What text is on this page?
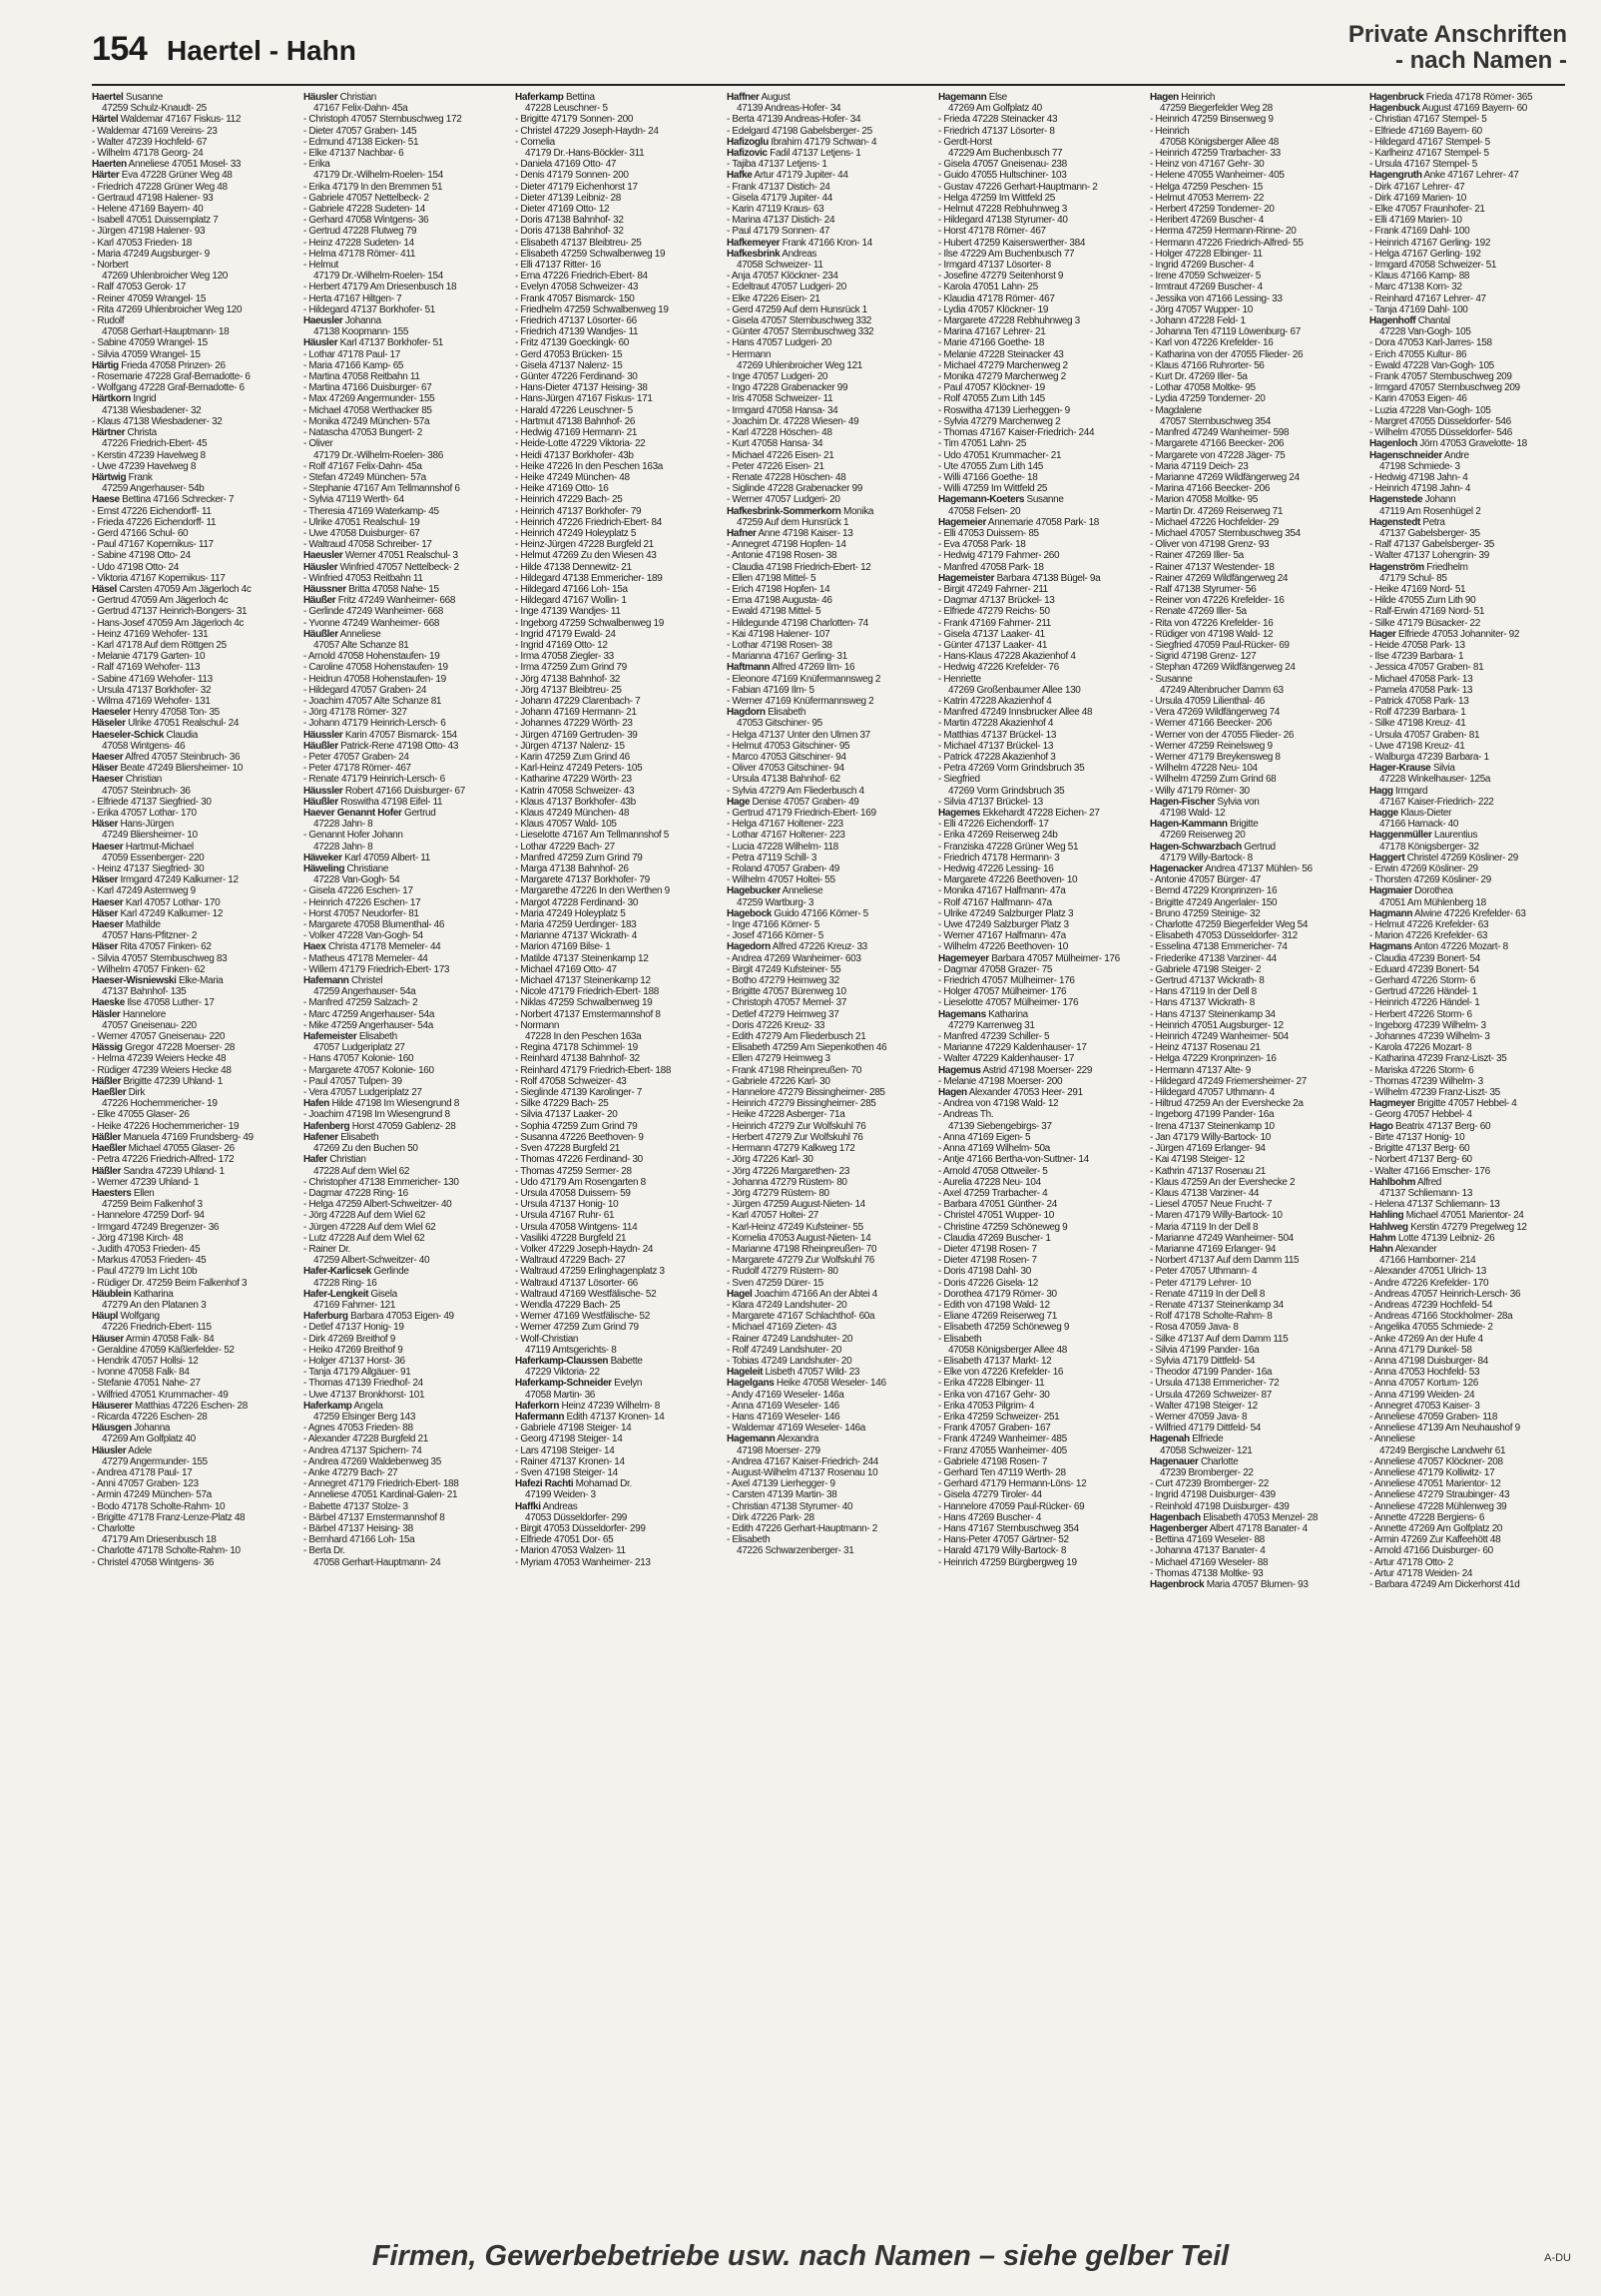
154 Haertel - Hahn
Private Anschriften
- nach Namen -
Haertel Susanne
47259 Schulz-Knaudt- 25
Härtel Waldemar 47167 Fiskus- 112
- Waldemar 47169 Vereins- 23
- Walter 47239 Hochfeld- 67
- Wilhelm 47178 Georg- 24
Haerten Anneliese 47051 Mosel- 33
Härter Eva 47228 Grüner Weg 48
- Friedrich 47228 Grüner Weg 48
- Gertraud 47198 Halener- 93
- Helene 47169 Bayern- 40
- Isabell 47051 Duissernplatz 7
- Jürgen 47198 Halener- 93
- Karl 47053 Frieden- 18
- Maria 47249 Augsburger- 9
- Norbert
47269 Uhlenbroicher Weg 120
- Ralf 47053 Gerok- 17
- Reiner 47059 Wrangel- 15
- Rita 47269 Uhlenbroicher Weg 120
- Rudolf
47058 Gerhart-Hauptmann- 18
- Sabine 47059 Wrangel- 15
- Silvia 47059 Wrangel- 15
Härtig Frieda 47058 Prinzen- 26
- Rosemarie 47228 Graf-Bernadotte- 6
- Wolfgang 47228 Graf-Bernadotte- 6
Härtkorn Ingrid
47138 Wiesbadener- 32
- Klaus 47138 Wiesbadener- 32
Härtner Christa
47226 Friedrich-Ebert- 45
- Kerstin 47239 Havelweg 8
- Uwe 47239 Havelweg 8
Härtwig Frank
47259 Angerhauser- 54b
Haese Bettina 47166 Schrecker- 7
- Ernst 47226 Eichendorff- 11
- Frieda 47226 Eichendorff- 11
- Gerd 47166 Schul- 60
- Paul 47167 Kopernikus- 117
- Sabine 47198 Otto- 24
- Udo 47198 Otto- 24
- Viktoria 47167 Kopernikus- 117
Häsel Carsten 47059 Am Jägerloch 4c
- Gertrud 47059 Am Jägerloch 4c
- Gertrud 47137 Heinrich-Bongers- 31
- Hans-Josef 47059 Am Jägerloch 4c
- Heinz 47169 Wehofer- 131
- Karl 47178 Auf dem Röttgen 25
- Melanie 47179 Garten- 10
- Ralf 47169 Wehofer- 113
- Sabine 47169 Wehofer- 113
- Ursula 47137 Borkhofer- 32
- Wilma 47169 Wehofer- 131
Haeseler Henry 47058 Ton- 35
Häseler Ulrike 47051 Realschul- 24
Haeseler-Schick Claudia
47058 Wintgens- 46
Haeser Alfred 47057 Steinbruch- 36
Häser Beate 47249 Bliersheimer- 10
Haeser Christian
47057 Steinbruch- 36
- Elfriede 47137 Siegfried- 30
- Erika 47057 Lothar- 170
Häser Hans-Jürgen
47249 Bliersheimer- 10
Haeser Hartmut-Michael
47059 Essenberger- 220
- Heinz 47137 Siegfried- 30
Häser Irmgard 47249 Kalkumer- 12
- Karl 47249 Asternweg 9
Haeser Karl 47057 Lothar- 170
Häser Karl 47249 Kalkumer- 12
Haeser Mathilde
47057 Hans-Pfitzner- 2
Häser Rita 47057 Finken- 62
- Silvia 47057 Sternbuschweg 83
- Wilhelm 47057 Finken- 62
Haeser-Wisniewski Elke-Maria
47137 Bahnhof- 135
Haeske Ilse 47058 Luther- 17
Häsler Hannelore
47057 Gneisenau- 220
- Werner 47057 Gneisenau- 220
Hässig Gregor 47228 Moerser- 28
- Helma 47239 Weiers Hecke 48
- Rüdiger 47239 Weiers Hecke 48
Häßler Brigitte 47239 Uhland- 1
Haeßler Dirk
47226 Hochemmericher- 19
- Elke 47055 Glaser- 26
- Heike 47226 Hochemmericher- 19
Häßler Manuela 47169 Frundsberg- 49
Haeßler Michael 47055 Glaser- 26
- Petra 47226 Friedrich-Alfred- 172
Häßler Sandra 47239 Uhland- 1
- Werner 47239 Uhland- 1
Haesters Ellen
47259 Beim Falkenhof 3
- Hannelore 47259 Dorf- 94
- Irmgard 47249 Bregenzer- 36
- Jörg 47198 Kirch- 48
- Judith 47053 Frieden- 45
- Markus 47053 Frieden- 45
- Paul 47279 Im Licht 10b
- Rüdiger Dr. 47259 Beim Falkenhof 3
Häublein Katharina
47279 An den Platanen 3
Häupl Wolfgang
47226 Friedrich-Ebert- 115
Häuser Armin 47058 Falk- 84
- Geraldine 47059 Käßlerfelder- 52
- Hendrik 47057 Hollsi- 12
- Ivonne 47058 Falk- 84
- Stefanie 47051 Nahe- 27
- Wilfried 47051 Krummacher- 49
Häuserer Matthias 47226 Eschen- 28
- Ricarda 47226 Eschen- 28
Häusgen Johanna
47269 Am Golfplatz 40
Häusler Adele
47279 Angermunder- 155
- Andrea 47178 Paul- 17
- Anni 47057 Graben- 123
- Armin 47249 München- 57a
- Bodo 47178 Scholte-Rahm- 10
- Brigitte 47178 Franz-Lenze-Platz 48
- Charlotte
47179 Am Driesenbusch 18
- Charlotte 47178 Scholte-Rahm- 10
- Christel 47058 Wintgens- 36
Häusler Christian
47167 Felix-Dahn- 45a
- Christoph 47057 Sternbuschweg 172
- Dieter 47057 Graben- 145
- Edmund 47138 Eicken- 51
- Elke 47137 Nachbar- 6
- Erika
47179 Dr.-Wilhelm-Roelen- 154
- Erika 47179 In den Bremmen 51
- Gabriele 47057 Nettelbeck- 2
- Gabriele 47228 Sudeten- 14
- Gerhard 47058 Wintgens- 36
- Gertrud 47228 Flutweg 79
- Heinz 47228 Sudeten- 14
- Helma 47178 Römer- 411
- Helmut
47179 Dr.-Wilhelm-Roelen- 154
- Herbert 47179 Am Driesenbusch 18
- Herta 47167 Hiltgen- 7
- Hildegard 47137 Borkhofer- 51
Haeusler Johanna
47138 Koopmann- 155
Häusler Karl 47137 Borkhofer- 51
- Lothar 47178 Paul- 17
- Maria 47166 Kamp- 65
- Martina 47058 Reitbahn 11
- Martina 47166 Duisburger- 67
- Max 47269 Angermunder- 155
- Michael 47058 Werthacker 85
- Monika 47249 München- 57a
- Natascha 47053 Bungert- 2
- Oliver
47179 Dr.-Wilhelm-Roelen- 386
- Rolf 47167 Felix-Dahn- 45a
- Stefan 47249 München- 57a
- Stephanie 47167 Am Tellmannshof 6
- Sylvia 47119 Werth- 64
- Theresia 47169 Waterkamp- 45
- Ulrike 47051 Realschul- 19
- Uwe 47058 Duisburger- 67
- Waltraud 47058 Schreiber- 17
Haeusler Werner 47051 Realschul- 3
Häusler Winfried 47057 Nettelbeck- 2
- Winfried 47053 Reitbahn 11
Häussner Britta 47058 Nahe- 15
Häußer Fritz 47249 Wanheimer- 668
- Gerlinde 47249 Wanheimer- 668
- Yvonne 47249 Wanheimer- 668
Häußler Anneliese
47057 Alte Schanze 81
- Arnold 47058 Hohenstaufen- 19
- Caroline 47058 Hohenstaufen- 19
- Heidrun 47058 Hohenstaufen- 19
- Hildegard 47057 Graben- 24
- Joachim 47057 Alte Schanze 81
- Jörg 47178 Römer- 327
- Johann 47179 Heinrich-Lersch- 6
Häussler Karin 47057 Bismarck- 154
Häußler Patrick-Rene 47198 Otto- 43
- Peter 47057 Graben- 24
- Peter 47178 Römer- 467
- Renate 47179 Heinrich-Lersch- 6
Häussler Robert 47166 Duisburger- 67
Häußler Roswitha 47198 Eifel- 11
Haever Genannt Hofer Gertrud
47228 Jahn- 8
- Genannt Hofer Johann
47228 Jahn- 8
Häweker Karl 47059 Albert- 11
Häweling Christiane
47228 Van-Gogh- 54
- Gisela 47226 Eschen- 17
- Heinrich 47226 Eschen- 17
- Horst 47057 Neudorfer- 81
- Margarete 47058 Blumenthal- 46
- Volker 47228 Van-Gogh- 54
Haex Christa 47178 Memeler- 44
- Matheus 47178 Memeler- 44
- Willem 47179 Friedrich-Ebert- 173
Hafemann Christel
47259 Angerhauser- 54a
- Manfred 47259 Salzach- 2
- Marc 47259 Angerhauser- 54a
- Mike 47259 Angerhauser- 54a
Hafemeister Elisabeth
47057 Ludgeriplatz 27
- Hans 47057 Kolonie- 160
- Margarete 47057 Kolonie- 160
- Paul 47057 Tulpen- 39
- Vera 47057 Ludgeriplatz 27
Hafen Hilde 47198 Im Wiesengrund 8
- Joachim 47198 Im Wiesengrund 8
Hafenberg Horst 47059 Gablenz- 28
Hafener Elisabeth
47269 Zu den Buchen 50
Hafer Christian
47228 Auf dem Wiel 62
- Christopher 47138 Emmericher- 130
- Dagmar 47228 Ring- 16
- Helga 47259 Albert-Schweitzer- 40
- Jörg 47228 Auf dem Wiel 62
- Jürgen 47228 Auf dem Wiel 62
- Lutz 47228 Auf dem Wiel 62
- Rainer Dr.
47259 Albert-Schweitzer- 40
Hafer-Karlicsek Gerlinde
47228 Ring- 16
Hafer-Lengkeit Gisela
47169 Fahrner- 121
Haferburg Barbara 47053 Eigen- 49
- Detlef 47137 Honig- 19
- Dirk 47269 Breithof 9
- Heiko 47269 Breithof 9
- Holger 47137 Horst- 36
- Tanja 47179 Allgäuer- 91
- Thomas 47139 Friedhof- 24
- Uwe 47137 Bronkhorst- 101
Haferkamp Angela
47259 Elsinger Berg 143
- Agnes 47053 Frieden- 88
- Alexander 47228 Burgfeld 21
- Andrea 47137 Spichern- 74
- Andrea 47269 Waldebenweg 35
- Anke 47279 Bach- 27
- Annegret 47179 Friedrich-Ebert- 188
- Anneliese 47051 Kardinal-Galen- 21
- Babette 47137 Stolze- 3
- Bärbel 47137 Emstermannshof 8
- Bärbel 47137 Heising- 38
- Bernhard 47166 Loh- 15a
- Berta Dr.
47058 Gerhart-Hauptmann- 24
Haferkamp Bettina
47228 Leuschner- 5
- Brigitte 47179 Sonnen- 200
- Christel 47229 Joseph-Haydn- 24
- Cornelia
47179 Dr.-Hans-Böckler- 311
- Daniela 47169 Otto- 47
- Denis 47179 Sonnen- 200
- Dieter 47179 Eichenhorst 17
- Dieter 47139 Leibniz- 28
- Dieter 47169 Otto- 12
- Doris 47138 Bahnhof- 32
- Doris 47138 Bahnhof- 32
- Elisabeth 47137 Bleibtreu- 25
- Elisabeth 47259 Schwalbenweg 19
- Elli 47137 Ritter- 16
- Erna 47226 Friedrich-Ebert- 84
- Evelyn 47058 Schweizer- 43
- Frank 47057 Bismarck- 150
- Friedhelm 47259 Schwalbenweg 19
- Friedrich 47137 Lösorter- 66
- Friedrich 47139 Wandjes- 11
- Fritz 47139 Goeckingk- 60
- Gerd 47053 Brücken- 15
- Gisela 47137 Nalenz- 15
- Günter 47226 Ferdinand- 30
- Hans-Dieter 47137 Heising- 38
- Hans-Jürgen 47167 Fiskus- 171
- Harald 47226 Leuschner- 5
- Hartmut 47138 Bahnhof- 26
- Hedwig 47169 Hermann- 21
- Heide-Lotte 47229 Viktoria- 22
- Heidi 47137 Borkhofer- 43b
- Heike 47226 In den Peschen 163a
- Heike 47249 München- 48
- Heike 47169 Otto- 16
- Heinrich 47229 Bach- 25
- Heinrich 47137 Borkhofer- 79
- Heinrich 47226 Friedrich-Ebert- 84
- Heinrich 47249 Holeyplatz 5
- Heinz-Jürgen 47228 Burgfeld 21
- Helmut 47269 Zu den Wiesen 43
- Hilde 47138 Dennewitz- 21
- Hildegard 47138 Emmericher- 189
- Hildegard 47166 Loh- 15a
- Hildegard 47167 Wollin- 1
- Inge 47139 Wandjes- 11
- Ingeborg 47259 Schwalbenweg 19
- Ingrid 47179 Ewald- 24
- Ingrid 47169 Otto- 12
- Irma 47058 Ziegler- 33
- Irma 47259 Zum Grind 79
- Jörg 47138 Bahnhof- 32
- Jörg 47137 Bleibtreu- 25
- Johann 47229 Clarenbach- 7
- Johann 47169 Hermann- 21
- Johannes 47229 Wörth- 23
- Jürgen 47169 Gertruden- 39
- Jürgen 47137 Nalenz- 15
- Karin 47259 Zum Grind 46
- Karl-Heinz 47249 Peters- 105
- Katharine 47229 Wörth- 23
- Katrin 47058 Schweizer- 43
- Klaus 47137 Borkhofer- 43b
- Klaus 47249 München- 48
- Klaus 47057 Wald- 105
- Lieselotte 47167 Am Tellmannshof 5
- Lothar 47229 Bach- 27
- Manfred 47259 Zum Grind 79
- Marga 47138 Bahnhof- 26
- Margarete 47137 Borkhofer- 79
- Margarethe 47226 In den Werthen 9
- Margot 47228 Ferdinand- 30
- Maria 47249 Holeyplatz 5
- Maria 47259 Uerdinger- 183
- Marianne 47137 Wickrath- 4
- Marion 47169 Bilse- 1
- Matilde 47137 Steinenkamp 12
- Michael 47169 Otto- 47
- Michael 47137 Steinenkamp 12
- Nicole 47179 Friedrich-Ebert- 188
- Niklas 47259 Schwalbenweg 19
- Norbert 47137 Emstermannshof 8
- Normann
47228 In den Peschen 163a
- Regina 47178 Schimmel- 19
- Reinhard 47138 Bahnhof- 32
- Reinhard 47179 Friedrich-Ebert- 188
- Rolf 47058 Schweizer- 43
- Sieglinde 47139 Karolinger- 7
- Silke 47229 Bach- 25
- Silvia 47137 Laaker- 20
- Sophia 47259 Zum Grind 79
- Susanna 47226 Beethoven- 9
- Sven 47228 Burgfeld 21
- Thomas 47226 Ferdinand- 30
- Thomas 47259 Sermer- 28
- Udo 47179 Am Rosengarten 8
- Ursula 47058 Duissern- 59
- Ursula 47137 Honig- 10
- Ursula 47167 Ruhr- 61
- Ursula 47058 Wintgens- 114
- Vasiliki 47228 Burgfeld 21
- Volker 47229 Joseph-Haydn- 24
- Waltraud 47229 Bach- 27
- Waltraud 47259 Erlinghagenplatz 3
- Waltraud 47137 Lösorter- 66
- Waltraud 47169 Westfälische- 52
- Wendla 47229 Bach- 25
- Werner 47169 Westfälische- 52
- Werner 47259 Zum Grind 79
- Wolf-Christian
47119 Amtsgerichts- 8
Haferkamp-Claussen Babette
47229 Viktoria- 22
Haferkamp-Schneider Evelyn
47058 Martin- 36
Haferkorn Heinz 47239 Wilhelm- 8
Hafermann Edith 47137 Kronen- 14
- Gabriele 47198 Steiger- 14
- Georg 47198 Steiger- 14
- Lars 47198 Steiger- 14
- Rainer 47137 Kronen- 14
- Sven 47198 Steiger- 14
Hafezi Rachti Mohamad Dr.
47199 Weiden- 3
Haffki Andreas
47053 Düsseldorfer- 299
- Birgit 47053 Düsseldorfer- 299
- Elfriede 47051 Dor- 65
- Marion 47053 Walzen- 11
- Myriam 47053 Wanheimer- 213
Haffner August
47139 Andreas-Hofer- 34
- Berta 47139 Andreas-Hofer- 34
- Edelgard 47198 Gabelsberger- 25
Hafizoglu Ibrahim 47179 Schwan- 4
Hafizovic Fadil 47137 Letjens- 1
- Tajiba 47137 Letjens- 1
Hafke Artur 47179 Jupiter- 44
- Frank 47137 Distich- 24
- Gisela 47179 Jupiter- 44
- Karin 47119 Kraus- 63
- Marina 47137 Distich- 24
- Paul 47179 Sonnen- 47
Hafkemeyer Frank 47166 Kron- 14
Hafkesbrink Andreas
47058 Schweizer- 11
- Anja 47057 Klöckner- 234
- Edeltraut 47057 Ludgeri- 20
- Elke 47226 Eisen- 21
- Gerd 47259 Auf dem Hunsrück 1
- Gisela 47057 Sternbuschweg 332
- Günter 47057 Sternbuschweg 332
- Hans 47057 Ludgeri- 20
- Hermann
47269 Uhlenbroicher Weg 121
- Inge 47057 Ludgeri- 20
- Ingo 47228 Grabenacker 99
- Iris 47058 Schweizer- 11
- Irmgard 47058 Hansa- 34
- Joachim Dr. 47228 Wiesen- 49
- Karl 47228 Höschen- 48
- Kurt 47058 Hansa- 34
- Michael 47226 Eisen- 21
- Peter 47226 Eisen- 21
- Renate 47228 Höschen- 48
- Siglinde 47228 Grabenacker 99
- Werner 47057 Ludgeri- 20
Hafkesbrink-Sommerkorn Monika
47259 Auf dem Hunsrück 1
Hafner Anne 47198 Kaiser- 13
- Annegret 47198 Hopfen- 14
- Antonie 47198 Rosen- 38
- Claudia 47198 Friedrich-Ebert- 12
- Ellen 47198 Mittel- 5
- Erich 47198 Hopfen- 14
- Erna 47198 Augusta- 46
- Ewald 47198 Mittel- 5
- Hildegunde 47198 Charlotten- 74
- Kai 47198 Halener- 107
- Lothar 47198 Rosen- 38
- Marianna 47167 Gerling- 31
Haftmann Alfred 47269 Ilm- 16
- Eleonore 47169 Knüfermannsweg 2
- Fabian 47169 Ilm- 5
- Werner 47169 Knüfermannsweg 2
Hagdorn Elisabeth
47053 Gitschiner- 95
- Helga 47137 Unter den Ulmen 37
- Helmut 47053 Gitschiner- 95
- Marco 47053 Gitschiner- 94
- Oliver 47053 Gitschiner- 94
- Ursula 47138 Bahnhof- 62
- Sylvia 47279 Am Fliederbusch 4
Hage Denise 47057 Graben- 49
- Gertrud 47179 Friedrich-Ebert- 169
- Helga 47167 Holtener- 223
- Lothar 47167 Holtener- 223
- Lucia 47228 Wilhelm- 118
- Petra 47119 Schill- 3
- Roland 47057 Graben- 49
- Wilhelm 47057 Holtei- 55
Hagebucker Anneliese
47259 Wartburg- 3
Hagebock Guido 47166 Körner- 5
- Inge 47166 Körner- 5
- Josef 47166 Körner- 5
Hagedorn Alfred 47226 Kreuz- 33
- Andrea 47269 Wanheimer- 603
- Birgit 47249 Kufsteiner- 55
- Botho 47279 Heimweg 32
- Brigitte 47057 Bürenweg 10
- Christoph 47057 Memel- 37
- Detlef 47279 Heimweg 37
- Doris 47226 Kreuz- 33
- Edith 47279 Am Fliederbusch 21
- Elisabeth 47259 Am Siepenkothen 46
- Ellen 47279 Heimweg 3
- Frank 47198 Rheinpreußen- 70
- Gabriele 47226 Karl- 30
- Hannelore 47279 Bissingheimer- 285
- Heinrich 47279 Bissingheimer- 285
- Heike 47228 Asberger- 71a
- Heinrich 47279 Zur Wolfskuhl 76
- Herbert 47279 Zur Wolfskuhl 76
- Hermann 47279 Kalkweg 172
- Jörg 47226 Karl- 30
- Jörg 47226 Margarethen- 23
- Johanna 47279 Rüstern- 80
- Jörg 47279 Rüstern- 80
- Jürgen 47259 August-Nieten- 14
- Karl 47057 Holtei- 27
- Karl-Heinz 47249 Kufsteiner- 55
- Kornelia 47053 August-Nieten- 14
- Marianne 47198 Rheinpreußen- 70
- Margarete 47279 Zur Wolfskuhl 76
- Rudolf 47279 Rüstern- 80
- Sven 47259 Dürer- 15
Hagel Joachim 47166 An der Abtei 4
- Klara 47249 Landshuter- 20
- Margarete 47167 Schlachthof- 60a
- Michael 47169 Zieten- 43
- Rainer 47249 Landshuter- 20
- Rolf 47249 Landshuter- 20
- Tobias 47249 Landshuter- 20
Hageleit Lisbeth 47057 Wild- 23
Hagelgans Heike 47058 Weseler- 146
- Andy 47169 Weseler- 146a
- Anna 47169 Weseler- 146
- Hans 47169 Weseler- 146
- Waldemar 47169 Weseler- 146a
Hagemann Alexandra
47198 Moerser- 279
- Andrea 47167 Kaiser-Friedrich- 244
- August-Wilhelm 47137 Rosenau 10
- Axel 47139 Lierhegger- 9
- Carsten 47139 Martin- 38
- Christian 47138 Styrumer- 40
- Dirk 47226 Park- 28
- Edith 47226 Gerhart-Hauptmann- 2
- Elisabeth
47226 Schwarzenberger- 31
Hagemann Else
47269 Am Golfplatz 40
- Frieda 47228 Steinacker 43
- Friedrich 47137 Lösorter- 8
- Gerdt-Horst
47229 Am Buchenbusch 77
- Gisela 47057 Gneisenau- 238
- Guido 47055 Hultschiner- 103
- Gustav 47226 Gerhart-Hauptmann- 2
- Helga 47259 Im Wittfeld 25
- Helmut 47228 Rebhuhnweg 3
- Hildegard 47138 Styrumer- 40
- Horst 47178 Römer- 467
- Hubert 47259 Kaiserswerther- 384
- Ilse 47229 Am Buchenbusch 77
- Irmgard 47137 Lösorter- 8
- Josefine 47279 Seitenhorst 9
- Karola 47051 Lahn- 25
- Klaudia 47178 Römer- 467
- Lydia 47057 Klöckner- 19
- Margarete 47228 Rebhuhnweg 3
- Marina 47167 Lehrer- 21
- Marie 47166 Goethe- 18
- Melanie 47228 Steinacker 43
- Michael 47279 Marchenweg 2
- Monika 47279 Marchenweg 2
- Paul 47057 Klöckner- 19
- Rolf 47055 Zum Lith 145
- Roswitha 47139 Lierheggen- 9
- Sylvia 47279 Marchenweg 2
- Thomas 47167 Kaiser-Friedrich- 244
- Tim 47051 Lahn- 25
- Udo 47051 Krummacher- 21
- Ute 47055 Zum Lith 145
- Willi 47166 Goethe- 18
- Willi 47259 Im Wittfeld 25
Hagemann-Koeters Susanne
47058 Felsen- 20
Hagemeier Annemarie 47058 Park- 18
- Elli 47053 Duissern- 85
- Eva 47058 Park- 18
- Hedwig 47179 Fahrner- 260
- Manfred 47058 Park- 18
Hagemeister Barbara 47138 Bügel- 9a
- Birgit 47249 Fahrner- 211
- Dagmar 47137 Brückel- 13
- Elfriede 47279 Reichs- 50
- Frank 47169 Fahrner- 211
- Gisela 47137 Laaker- 41
- Günter 47137 Laaker- 41
- Hans-Klaus 47228 Akazienhof 4
- Hedwig 47226 Krefelder- 76
- Henriette
47269 Großenbaumer Allee 130
- Katrin 47228 Akazienhof 4
- Manfred 47249 Innsbrucker Allee 48
- Martin 47228 Akazienhof 4
- Matthias 47137 Brückel- 13
- Michael 47137 Brückel- 13
- Patrick 47228 Akazienhof 3
- Petra 47269 Vorm Grindsbruch 35
- Siegfried
47269 Vorm Grindsbruch 35
- Silvia 47137 Brückel- 13
Hagemes Ekkehardt 47228 Eichen- 27
- Elli 47226 Eichendorff- 17
- Erika 47269 Reiserweg 24b
- Franziska 47228 Grüner Weg 51
- Friedrich 47178 Hermann- 3
- Hedwig 47226 Lessing- 16
- Margarete 47226 Beethoven- 10
- Monika 47167 Halfmann- 47a
- Rolf 47167 Halfmann- 47a
- Ulrike 47249 Salzburger Platz 3
- Uwe 47249 Salzburger Platz 3
- Werner 47167 Halfmann- 47a
- Wilhelm 47226 Beethoven- 10
Hagemeyer Barbara 47057 Mülheimer- 176
- Dagmar 47058 Grazer- 75
- Friedrich 47057 Mülheimer- 176
- Holger 47057 Mülheimer- 176
- Lieselotte 47057 Mülheimer- 176
Hagemans Katharina
47279 Karrenweg 31
- Manfred 47239 Schiller- 5
- Marianne 47229 Kaldenhauser- 17
- Walter 47229 Kaldenhauser- 17
Hagemus Astrid 47198 Moerser- 229
- Melanie 47198 Moerser- 200
Hagen Alexander 47053 Heer- 291
- Andrea von 47198 Wald- 12
- Andreas Th.
47139 Siebengebirgs- 37
- Anna 47169 Eigen- 5
- Anna 47169 Wilhelm- 50a
- Antje 47166 Bertha-von-Suttner- 14
- Arnold 47058 Ottweiler- 5
- Aurelia 47228 Neu- 104
- Axel 47259 Trarbacher- 4
- Barbara 47051 Günther- 24
- Christel 47051 Wupper- 10
- Christine 47259 Schöneweg 9
- Claudia 47269 Buscher- 1
- Dieter 47198 Rosen- 7
- Dieter 47198 Rosen- 7
- Doris 47198 Dahl- 30
- Doris 47226 Gisela- 12
- Dorothea 47179 Römer- 30
- Edith von 47198 Wald- 12
- Eliane 47269 Reiserweg 71
- Elisabeth 47259 Schöneweg 9
- Elisabeth
47058 Königsberger Allee 48
- Elisabeth 47137 Markt- 12
- Elke von 47226 Krefelder- 16
- Erika 47228 Elbinger- 11
- Erika von 47167 Gehr- 30
- Erika 47053 Pilgrim- 4
- Erika 47259 Schweizer- 251
- Frank 47057 Graben- 167
- Frank 47249 Wanheimer- 485
- Franz 47055 Wanheimer- 405
- Gabriele 47198 Rosen- 7
- Gerhard Ten 47119 Werth- 28
- Gerhard 47179 Hermann-Löns- 12
- Gisela 47279 Tiroler- 44
- Hannelore 47059 Paul-Rücker- 69
- Hans 47269 Buscher- 4
- Hans 47167 Sternbuschweg 354
- Hans-Peter 47057 Gärtner- 52
- Harald 47179 Willy-Bartock- 8
- Heinrich 47259 Bürgbergweg 19
Hagen Heinrich
47259 Biegerfelder Weg 28
- Heinrich 47259 Binsenweg 9
- Heinrich
47058 Königsberger Allee 48
- Heinrich 47259 Trarbacher- 33
- Heinz von 47167 Gehr- 30
- Helene 47055 Wanheimer- 405
- Helga 47259 Peschen- 15
- Helmut 47053 Merrem- 22
- Herbert 47259 Tondemer- 20
- Heribert 47269 Buscher- 4
- Herma 47259 Hermann-Rinne- 20
- Hermann 47226 Friedrich-Alfred- 55
- Holger 47228 Elbinger- 11
- Ingrid 47269 Buscher- 4
- Irene 47059 Schweizer- 5
- Irmtraut 47269 Buscher- 4
- Jessika von 47166 Lessing- 33
- Jörg 47057 Wupper- 10
- Johann 47228 Feld- 1
- Johanna Ten 47119 Löwenburg- 67
- Karl von 47226 Krefelder- 16
- Katharina von der 47055 Flieder- 26
- Klaus 47166 Ruhrorter- 56
- Kurt Dr. 47269 Iller- 5a
- Lothar 47058 Moltke- 95
- Lydia 47259 Tondemer- 20
- Magdalene
47057 Sternbuschweg 354
- Manfred 47249 Wanheimer- 598
- Margarete 47166 Beecker- 206
- Margarete von 47228 Jäger- 75
- Maria 47119 Deich- 23
- Marianne 47269 Wildfängerweg 24
- Marina 47166 Beecker- 206
- Marion 47058 Moltke- 95
- Martin Dr. 47269 Reiserweg 71
- Michael 47226 Hochfelder- 29
- Michael 47057 Sternbuschweg 354
- Oliver von 47198 Grenz- 93
- Rainer 47269 Iller- 5a
- Rainer 47137 Westender- 18
- Rainer 47269 Wildfängerweg 24
- Ralf 47138 Styrumer- 56
- Reiner von 47226 Krefelder- 16
- Renate 47269 Iller- 5a
- Rita von 47226 Krefelder- 16
- Rüdiger von 47198 Wald- 12
- Siegfried 47059 Paul-Rücker- 69
- Sigrid 47198 Grenz- 127
- Stephan 47269 Wildfängerweg 24
- Susanne
47249 Altenbrucher Damm 63
- Ursula 47059 Lilienthal- 46
- Vera 47269 Wildfängerweg 74
- Werner 47166 Beecker- 206
- Werner von der 47055 Flieder- 26
- Werner 47259 Reinelsweg 9
- Werner 47179 Breykensweg 8
- Wilhelm 47228 Neu- 104
- Wilhelm 47259 Zum Grind 68
- Willy 47179 Römer- 30
Hagen-Fischer Sylvia von
47198 Wald- 12
Hagen-Kammann Brigitte
47269 Reiserweg 20
Hagen-Schwarzbach Gertrud
47179 Willy-Bartock- 8
Hagenacker Andrea 47137 Mühlen- 56
- Antonie 47057 Bürger- 47
- Bernd 47229 Kronprinzen- 16
- Brigitte 47249 Angerlaler- 150
- Bruno 47259 Steinige- 32
- Charlotte 47259 Biegerfelder Weg 54
- Elisabeth 47053 Düsseldorfer- 312
- Esselina 47138 Emmericher- 74
- Friederike 47138 Varziner- 44
- Gabriele 47198 Steiger- 2
- Gertrud 47137 Wickrath- 8
- Hans 47119 In der Dell 8
- Hans 47137 Wickrath- 8
- Hans 47137 Steinenkamp 34
- Heinrich 47051 Augsburger- 12
- Heinrich 47249 Wanheimer- 504
- Heinz 47137 Rosenau 21
- Helga 47229 Kronprinzen- 16
- Hermann 47137 Alte- 9
- Hildegard 47249 Friemersheimer- 27
- Hildegard 47057 Uthmann- 4
- Hiltrud 47259 An der Evershecke 2a
- Ingeborg 47199 Pander- 16a
- Irena 47137 Steinenkamp 10
- Jan 47179 Willy-Bartock- 10
- Jürgen 47169 Erlanger- 94
- Kai 47198 Steiger- 12
- Kathrin 47137 Rosenau 21
- Klaus 47259 An der Evershecke 2
- Klaus 47138 Varziner- 44
- Liesel 47057 Neue Frucht- 7
- Maren 47179 Willy-Bartock- 10
- Maria 47119 In der Dell 8
- Marianne 47249 Wanheimer- 504
- Marianne 47169 Erlanger- 94
- Norbert 47137 Auf dem Damm 115
- Peter 47057 Uthmann- 4
- Peter 47179 Lehrer- 10
- Renate 47119 In der Dell 8
- Renate 47137 Steinenkamp 34
- Rolf 47178 Scholte-Rahm- 8
- Rosa 47059 Java- 8
- Silke 47137 Auf dem Damm 115
- Silvia 47199 Pander- 16a
- Sylvia 47179 Dittfeld- 54
- Theodor 47199 Pander- 16a
- Ursula 47138 Emmericher- 72
- Ursula 47269 Schweizer- 87
- Walter 47198 Steiger- 12
- Werner 47059 Java- 8
- Wilfried 47179 Dittfeld- 54
Hagenah Elfriede
47058 Schweizer- 121
Hagenauer Charlotte
47239 Bromberger- 22
- Curt 47239 Bromberger- 22
- Ingrid 47198 Duisburger- 439
- Reinhold 47198 Duisburger- 439
Hagenbach Elisabeth 47053 Menzel- 28
Hagenberger Albert 47178 Banater- 4
- Bettina 47169 Weseler- 88
- Johanna 47137 Banater- 4
- Michael 47169 Weseler- 88
- Thomas 47138 Moltke- 93
Hagenbrock Maria 47057 Blumen- 93
Hagenbruck Frieda 47178 Römer- 365
Hagenbuck August 47169 Bayern- 60
- Christian 47167 Stempel- 5
- Elfriede 47169 Bayern- 60
- Hildegard 47167 Stempel- 5
- Karlheinz 47167 Stempel- 5
- Ursula 47167 Stempel- 5
Hagengruth Anke 47167 Lehrer- 47
- Dirk 47167 Lehrer- 47
- Dirk 47169 Marien- 10
- Elke 47057 Fraunhofer- 21
- Elli 47169 Marien- 10
- Frank 47169 Dahl- 100
- Heinrich 47167 Gerling- 192
- Helga 47167 Gerling- 192
- Irmgard 47058 Schweizer- 51
- Klaus 47166 Kamp- 88
- Marc 47138 Korn- 32
- Reinhard 47167 Lehrer- 47
- Tanja 47169 Dahl- 100
Hagenhoff Chantal
47228 Van-Gogh- 105
- Dora 47053 Karl-Jarres- 158
- Erich 47055 Kultur- 86
- Ewald 47228 Van-Gogh- 105
- Frank 47057 Sternbuschweg 209
- Irmgard 47057 Sternbuschweg 209
- Karin 47053 Eigen- 46
- Luzia 47228 Van-Gogh- 105
- Margret 47055 Düsseldorfer- 546
- Wilhelm 47055 Düsseldorfer- 546
Hagenloch Jörn 47053 Gravelotte- 18
Hagenschneider Andre
47198 Schmiede- 3
- Hedwig 47198 Jahn- 4
- Heinrich 47198 Jahn- 4
Hagenstede Johann
47119 Am Rosenhügel 2
Hagenstedt Petra
47137 Gabelsberger- 35
- Ralf 47137 Gabelsberger- 35
- Walter 47137 Lohengrin- 39
Hagenström Friedhelm
47179 Schul- 85
- Heike 47169 Nord- 51
- Hilde 47055 Zum Lith 90
- Ralf-Erwin 47169 Nord- 51
- Silke 47179 Büsacker- 22
Hager Elfriede 47053 Johanniter- 92
- Heide 47058 Park- 13
- Ilse 47239 Barbara- 1
- Jessica 47057 Graben- 81
- Michael 47058 Park- 13
- Pamela 47058 Park- 13
- Patrick 47058 Park- 13
- Rolf 47239 Barbara- 1
- Silke 47198 Kreuz- 41
- Ursula 47057 Graben- 81
- Uwe 47198 Kreuz- 41
- Walburga 47239 Barbara- 1
Hager-Krause Silvia
47228 Winkelhauser- 125a
Hagg Irmgard
47167 Kaiser-Friedrich- 222
Hagge Klaus-Dieter
47166 Harnack- 40
Haggenmüller Laurentius
47178 Königsberger- 32
Haggert Christel 47269 Kösliner- 29
- Erwin 47269 Kösliner- 29
- Thorsten 47269 Kösliner- 29
Hagmaier Dorothea
47051 Am Mühlenberg 18
Hagmann Alwine 47226 Krefelder- 63
- Helmut 47226 Krefelder- 63
- Marion 47226 Krefelder- 63
Hagmans Anton 47226 Mozart- 8
- Claudia 47239 Bonert- 54
- Eduard 47239 Bonert- 54
- Gerhard 47226 Storm- 6
- Gertrud 47226 Händel- 1
- Heinrich 47226 Händel- 1
- Herbert 47226 Storm- 6
- Ingeborg 47239 Wilhelm- 3
- Johannes 47239 Wilhelm- 3
- Karola 47226 Mozart- 8
- Katharina 47239 Franz-Liszt- 35
- Mariska 47226 Storm- 6
- Thomas 47239 Wilhelm- 3
- Wilhelm 47239 Franz-Liszt- 35
Hagmeyer Brigitte 47057 Hebbel- 4
- Georg 47057 Hebbel- 4
Hago Beatrix 47137 Berg- 60
- Birte 47137 Honig- 10
- Brigitte 47137 Berg- 60
- Norbert 47137 Berg- 60
- Walter 47166 Emscher- 176
Hahlbohm Alfred
47137 Schliemann- 13
- Helena 47137 Schliemann- 13
Hahling Michael 47051 Marientor- 24
Hahlweg Kerstin 47279 Pregelweg 12
Hahm Lotte 47139 Leibniz- 26
Hahn Alexander
47166 Hamborner- 214
- Alexander 47051 Ulrich- 13
- Andre 47226 Krefelder- 170
- Andreas 47057 Heinrich-Lersch- 36
- Andreas 47239 Hochfeld- 54
- Andreas 47166 Stockholmer- 28a
- Angelika 47055 Schmiede- 2
- Anke 47269 An der Hufe 4
- Anna 47179 Dunkel- 58
- Anna 47198 Duisburger- 84
- Anna 47053 Hochfeld- 53
- Anna 47057 Kortum- 126
- Anna 47199 Weiden- 24
- Annegret 47053 Kaiser- 3
- Anneliese 47059 Graben- 118
- Anneliese 47139 Am Neuhaushof 9
- Anneliese
47249 Bergische Landwehr 61
- Anneliese 47057 Klöckner- 208
- Anneliese 47179 Kolliwitz- 17
- Anneliese 47051 Marientor- 12
- Anneliese 47279 Straubinger- 43
- Anneliese 47228 Mühlenweg 39
- Annette 47228 Bergiens- 6
- Annette 47269 Am Golfplatz 20
- Armin 47269 Zur Kaffeehött 48
- Arnold 47166 Duisburger- 60
- Artur 47178 Otto- 2
- Artur 47178 Weiden- 24
- Barbara 47249 Am Dickerhorst 41d
Firmen, Gewerbebetriebe usw. nach Namen – siehe gelber Teil	A-DU
